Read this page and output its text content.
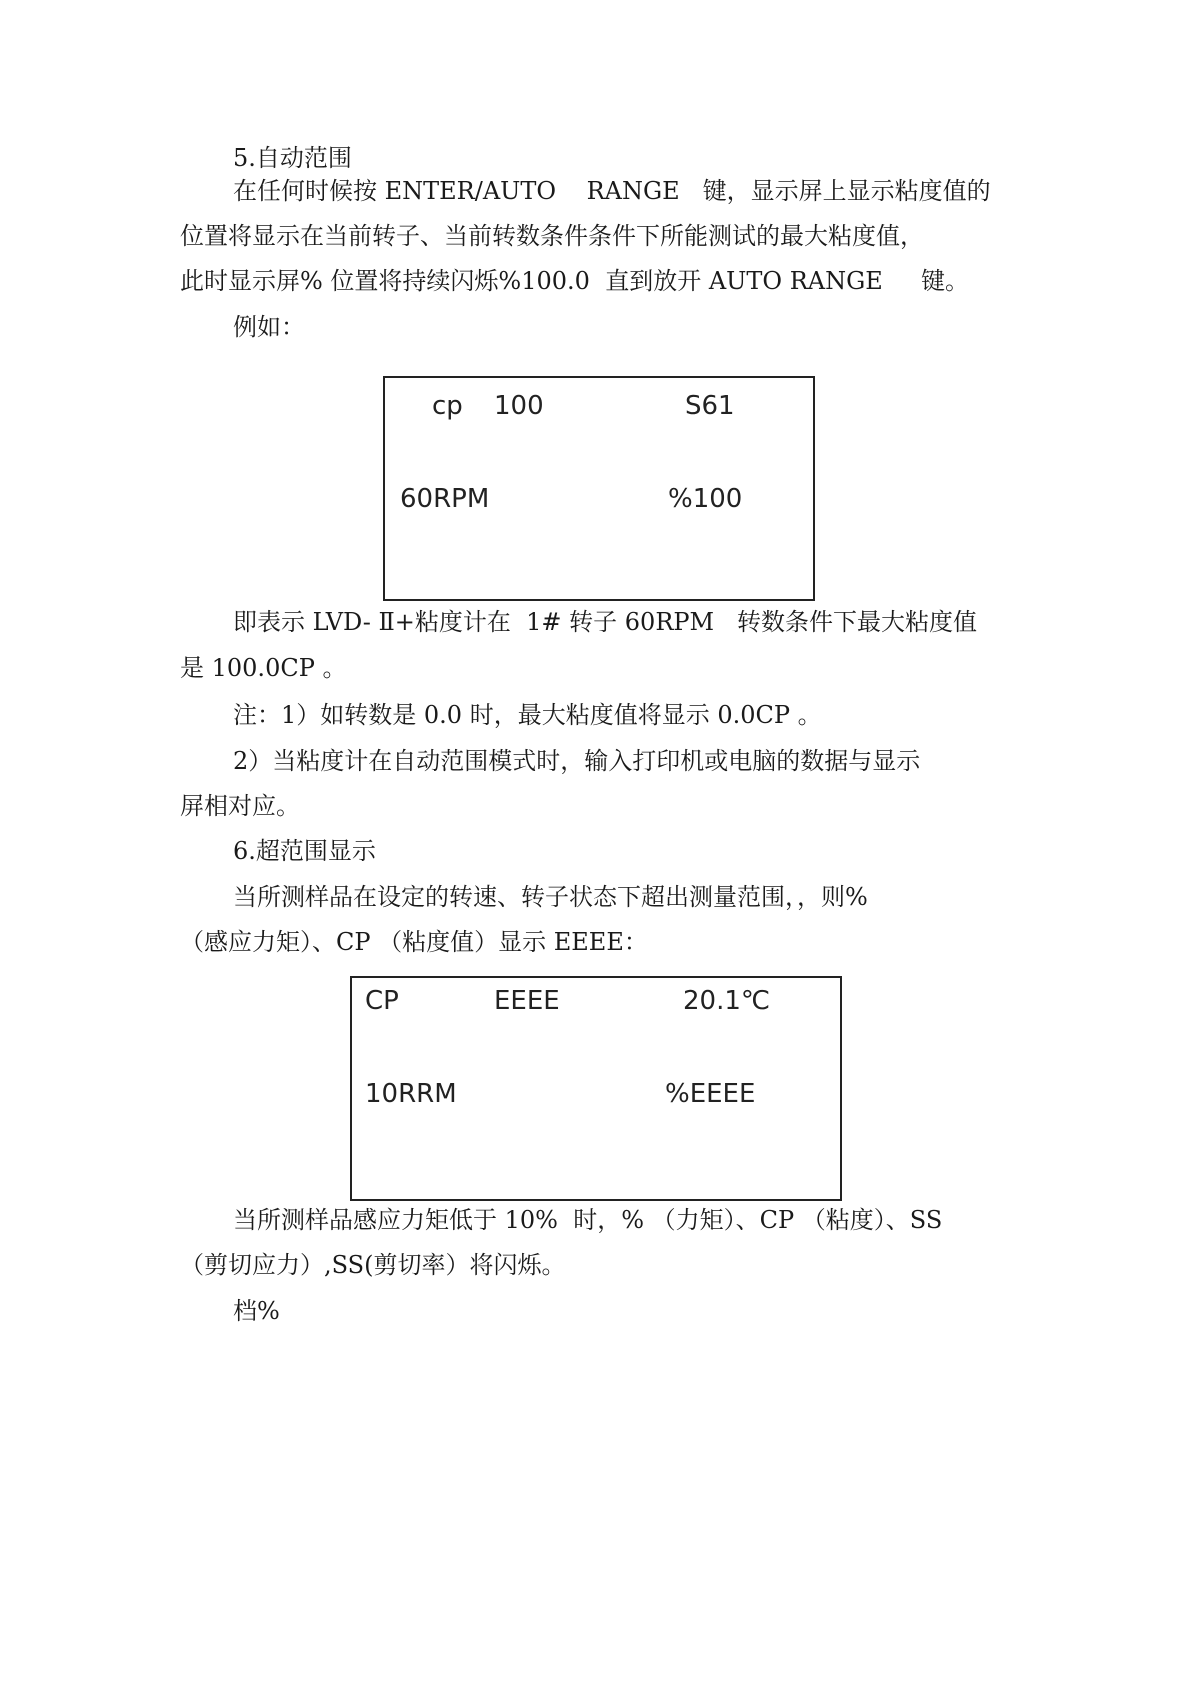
5.自动范围
在任何时候按 ENTER/AUTO    RANGE   键，显示屏上显示粘度值的
位置将显示在当前转子、当前转数条件条件下所能测试的最大粘度值，
此时显示屏% 位置将持续闪烁%100.0  直到放开 AUTO RANGE     键。
例如：
cp 100	S61
60RPM	%100
即表示 LVD- Ⅱ+粘度计在  1# 转子 60RPM   转数条件下最大粘度值
是 100.0CP 。
注：1）如转数是 0.0 时，最大粘度值将显示 0.0CP 。
2）当粘度计在自动范围模式时，输入打印机或电脑的数据与显示
屏相对应。
6.超范围显示
当所测样品在设定的转速、转子状态下超出测量范围，，则%
（感应力矩）、CP （粘度值）显示 EEEE：
CP	EEEE	20.1℃
10RRM	%EEEE
当所测样品感应力矩低于 10%  时，% （力矩）、CP （粘度）、SS
（剪切应力）,SS(剪切率）将闪烁。
档%
